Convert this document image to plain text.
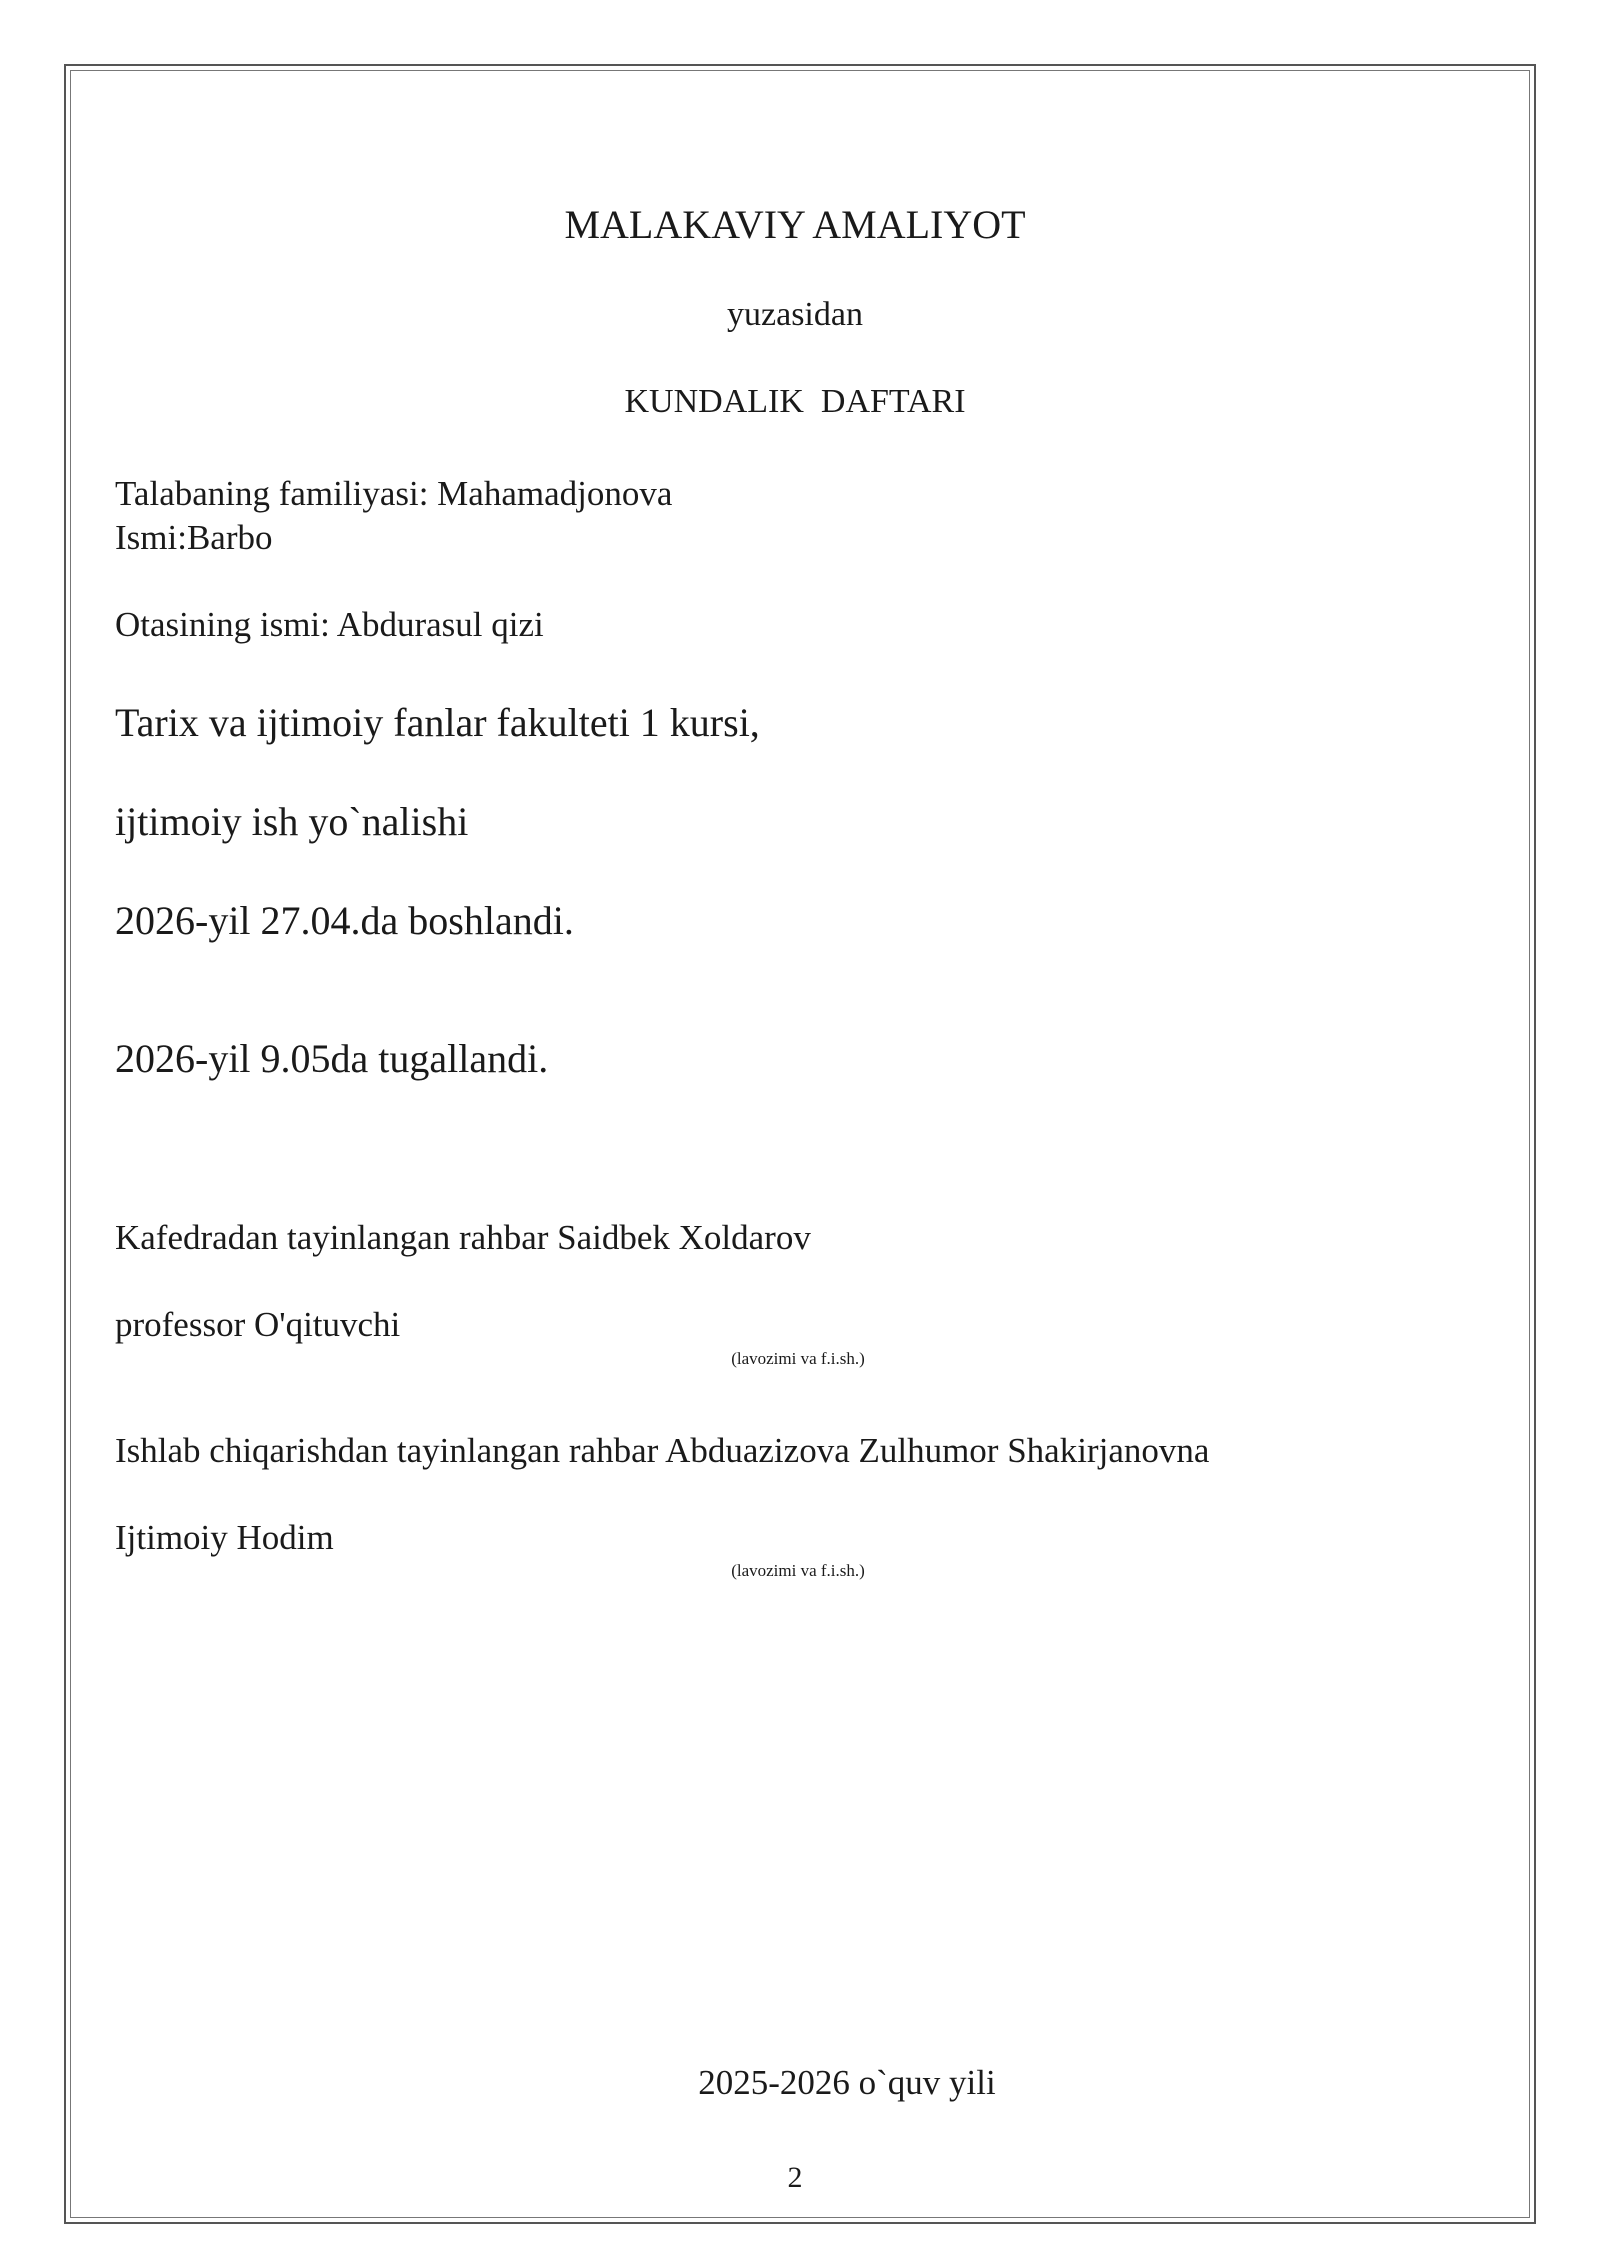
MALAKAVIY AMALIYOT
yuzasidan
KUNDALIK  DAFTARI
Talabaning familiyasi: Mahamadjonova
Ismi:Barbo
Otasining ismi: Abdurasul qizi
Tarix va ijtimoiy fanlar fakulteti 1 kursi,
ijtimoiy ish yo`nalishi
2026-yil 27.04.da boshlandi.
2026-yil 9.05da tugallandi.
Kafedradan tayinlangan rahbar Saidbek Xoldarov
professor O'qituvchi
(lavozimi va f.i.sh.)
Ishlab chiqarishdan tayinlangan rahbar Abduazizova Zulhumor Shakirjanovna
Ijtimoiy Hodim
(lavozimi va f.i.sh.)
2025-2026 o`quv yili
2
